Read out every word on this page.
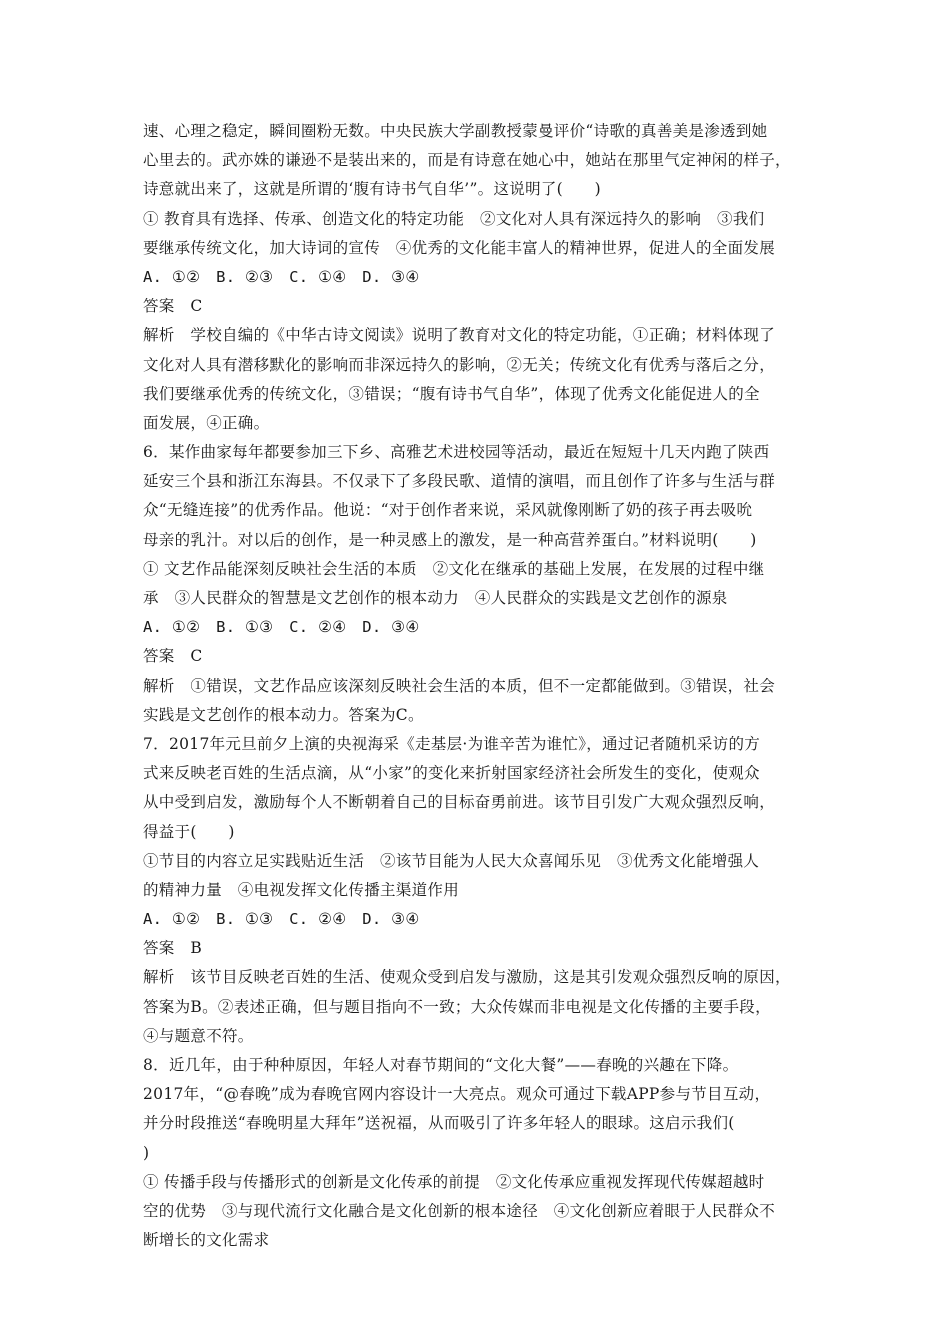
速、心理之稳定，瞬间圈粉无数。中央民族大学副教授蒙曼评价“诗歌的真善美是渗透到她
心里去的。武亦姝的谦逊不是装出来的，而是有诗意在她心中，她站在那里气定神闲的样子，
诗意就出来了，这就是所谓的‘腹有诗书气自华’”。这说明了(　　)
① 教育具有选择、传承、创造文化的特定功能　②文化对人具有深远持久的影响　③我们
要继承传统文化，加大诗词的宣传　④优秀的文化能丰富人的精神世界，促进人的全面发展
A. ①②　B. ②③　C. ①④　D. ③④
答案　C
解析　学校自编的《中华古诗文阅读》说明了教育对文化的特定功能，①正确；材料体现了
文化对人具有潜移默化的影响而非深远持久的影响，②无关；传统文化有优秀与落后之分，
我们要继承优秀的传统文化，③错误；“腹有诗书气自华”，体现了优秀文化能促进人的全
面发展，④正确。
6．某作曲家每年都要参加三下乡、高雅艺术进校园等活动，最近在短短十几天内跑了陕西
延安三个县和浙江东海县。不仅录下了多段民歌、道情的演唱，而且创作了许多与生活与群
众“无缝连接”的优秀作品。他说：“对于创作者来说，采风就像刚断了奶的孩子再去吸吮
母亲的乳汁。对以后的创作，是一种灵感上的激发，是一种高营养蛋白。”材料说明(　　)
① 文艺作品能深刻反映社会生活的本质　②文化在继承的基础上发展，在发展的过程中继
承　③人民群众的智慧是文艺创作的根本动力　④人民群众的实践是文艺创作的源泉
A. ①②　B. ①③　C. ②④　D. ③④
答案　C
解析　①错误，文艺作品应该深刻反映社会生活的本质，但不一定都能做到。③错误，社会
实践是文艺创作的根本动力。答案为C。
7．2017年元旦前夕上演的央视海采《走基层·为谁辛苦为谁忙》，通过记者随机采访的方
式来反映老百姓的生活点滴，从“小家”的变化来折射国家经济社会所发生的变化，使观众
从中受到启发，激励每个人不断朝着自己的目标奋勇前进。该节目引发广大观众强烈反响，
得益于(　　)
①节目的内容立足实践贴近生活　②该节目能为人民大众喜闻乐见　③优秀文化能增强人
的精神力量　④电视发挥文化传播主渠道作用
A. ①②　B. ①③　C. ②④　D. ③④
答案　B
解析　该节目反映老百姓的生活、使观众受到启发与激励，这是其引发观众强烈反响的原因，
答案为B。②表述正确，但与题目指向不一致；大众传媒而非电视是文化传播的主要手段，
④与题意不符。
8．近几年，由于种种原因，年轻人对春节期间的“文化大餐”——春晚的兴趣在下降。
2017年，“@春晚”成为春晚官网内容设计一大亮点。观众可通过下载APP参与节目互动，
并分时段推送“春晚明星大拜年”送祝福，从而吸引了许多年轻人的眼球。这启示我们(
)
① 传播手段与传播形式的创新是文化传承的前提　②文化传承应重视发挥现代传媒超越时
空的优势　③与现代流行文化融合是文化创新的根本途径　④文化创新应着眼于人民群众不
断增长的文化需求
